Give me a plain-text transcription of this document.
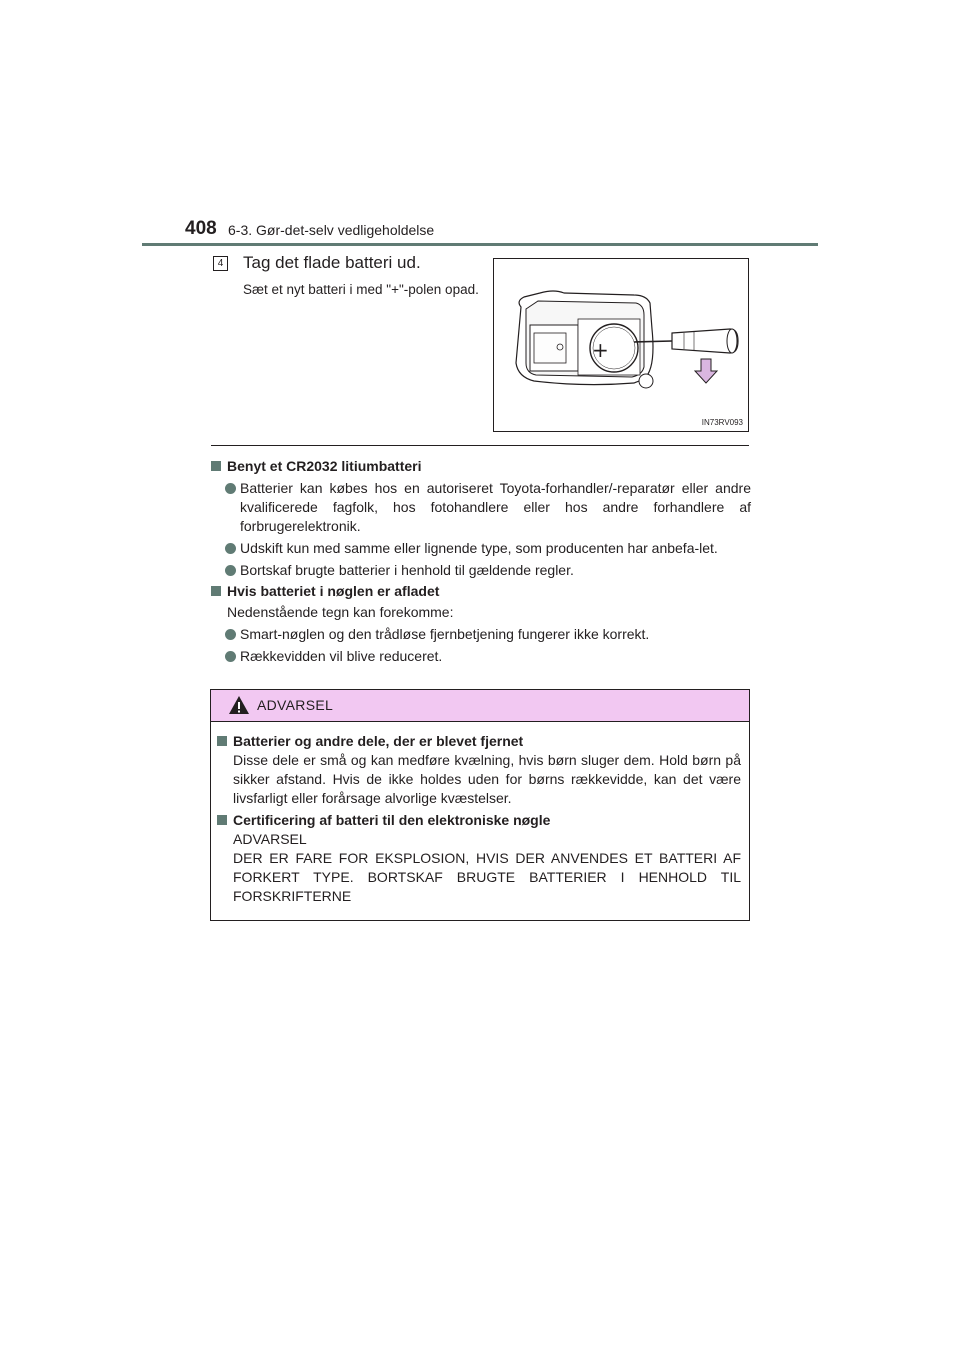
408 6-3. Gør-det-selv vedligeholdelse
4 Tag det flade batteri ud.
Sæt et nyt batteri i med "+"-polen opad.
+
IN73RV093
Benyt et CR2032 litiumbatteri
Batterier kan købes hos en autoriseret Toyota-forhandler/-reparatør eller andre kvalificerede fagfolk, hos fotohandlere eller hos andre forhandlere af forbrugerelektronik.
Udskift kun med samme eller lignende type, som producenten har anbefa-let.
Bortskaf brugte batterier i henhold til gældende regler.
Hvis batteriet i nøglen er afladet
Nedenstående tegn kan forekomme:
Smart-nøglen og den trådløse fjernbetjening fungerer ikke korrekt.
Rækkevidden vil blive reduceret.
ADVARSEL
Batterier og andre dele, der er blevet fjernet
Disse dele er små og kan medføre kvælning, hvis børn sluger dem. Hold børn på sikker afstand. Hvis de ikke holdes uden for børns rækkevidde, kan det være livsfarligt eller forårsage alvorlige kvæstelser.
Certificering af batteri til den elektroniske nøgle
ADVARSEL
DER ER FARE FOR EKSPLOSION, HVIS DER ANVENDES ET BATTERI AF FORKERT TYPE. BORTSKAF BRUGTE BATTERIER I HENHOLD TIL FORSKRIFTERNE
